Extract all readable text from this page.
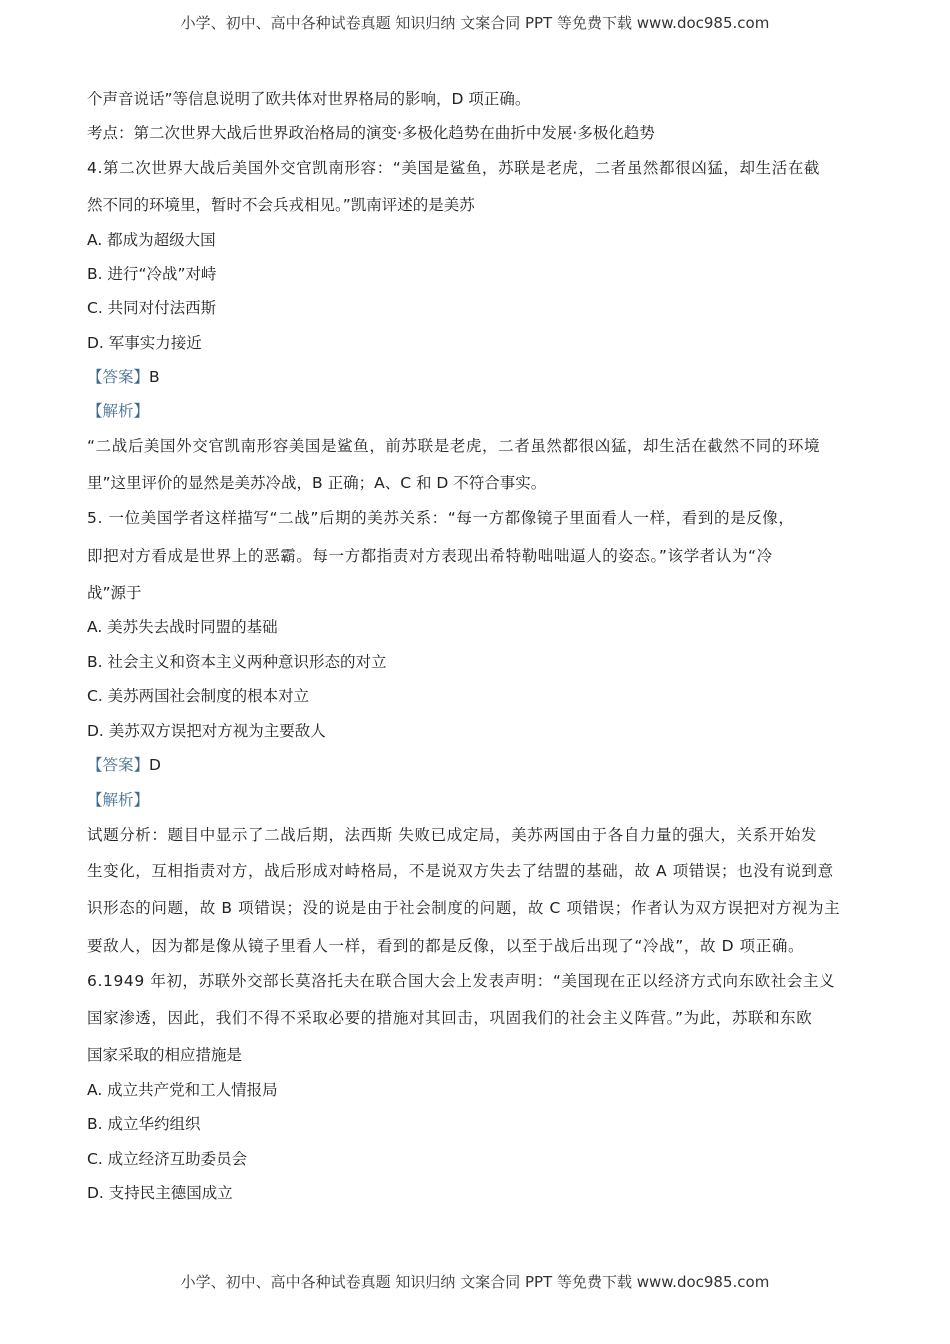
小学、初中、高中各种试卷真题 知识归纳 文案合同 PPT 等免费下载 www.doc985.com
个声音说话”等信息说明了欧共体对世界格局的影响，D 项正确。
考点：第二次世界大战后世界政治格局的演变·多极化趋势在曲折中发展·多极化趋势
4.第二次世界大战后美国外交官凯南形容：“美国是鲨鱼，苏联是老虎，二者虽然都很凶猛，却生活在截
然不同的环境里，暂时不会兵戎相见。”凯南评述的是美苏
A. 都成为超级大国
B. 进行“冷战”对峙
C. 共同对付法西斯
D. 军事实力接近
【答案】B
【解析】
“二战后美国外交官凯南形容美国是鲨鱼，前苏联是老虎，二者虽然都很凶猛，却生活在截然不同的环境
里”这里评价的显然是美苏冷战，B 正确；A、C 和 D 不符合事实。
5. 一位美国学者这样描写“二战”后期的美苏关系：“每一方都像镜子里面看人一样，看到的是反像，
即把对方看成是世界上的恶霸。每一方都指责对方表现出希特勒咄咄逼人的姿态。”该学者认为“冷
战”源于
A. 美苏失去战时同盟的基础
B. 社会主义和资本主义两种意识形态的对立
C. 美苏两国社会制度的根本对立
D. 美苏双方误把对方视为主要敌人
【答案】D
【解析】
试题分析：题目中显示了二战后期，法西斯 失败已成定局，美苏两国由于各自力量的强大，关系开始发
生变化，互相指责对方，战后形成对峙格局，不是说双方失去了结盟的基础，故 A 项错误；也没有说到意
识形态的问题，故 B 项错误；没的说是由于社会制度的问题，故 C 项错误；作者认为双方误把对方视为主
要敌人，因为都是像从镜子里看人一样，看到的都是反像，以至于战后出现了“冷战”，故 D 项正确。
6.1949 年初，苏联外交部长莫洛托夫在联合国大会上发表声明：“美国现在正以经济方式向东欧社会主义
国家渗透，因此，我们不得不采取必要的措施对其回击，巩固我们的社会主义阵营。”为此，苏联和东欧
国家采取的相应措施是
A. 成立共产党和工人情报局
B. 成立华约组织
C. 成立经济互助委员会
D. 支持民主德国成立
小学、初中、高中各种试卷真题 知识归纳 文案合同 PPT 等免费下载 www.doc985.com
